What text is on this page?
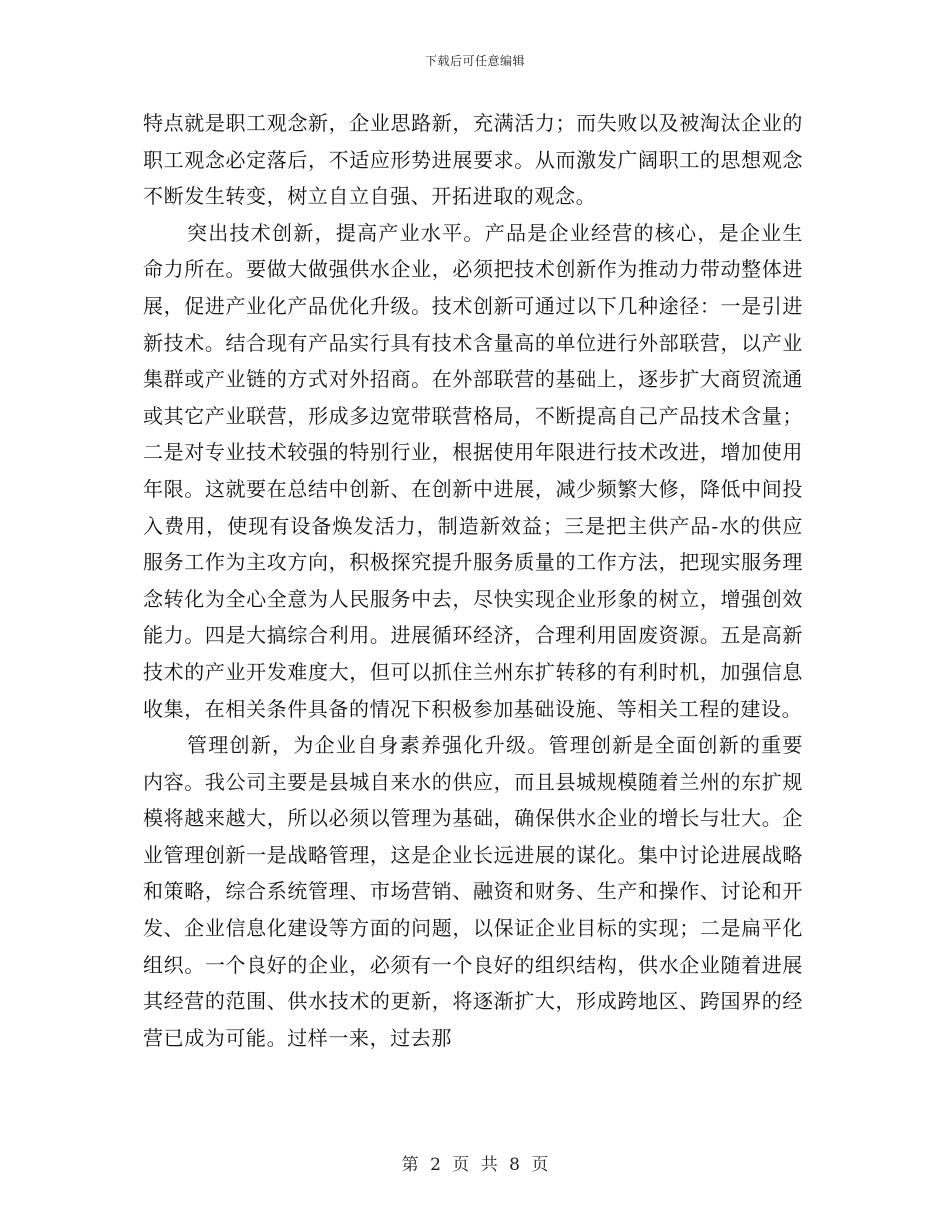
下载后可任意编辑

特点就是职工观念新，企业思路新，充满活力；而失败以及被淘汰企业的职工观念必定落后，不适应形势进展要求。从而激发广阔职工的思想观念不断发生转变，树立自立自强、开拓进取的观念。

突出技术创新，提高产业水平。产品是企业经营的核心，是企业生命力所在。要做大做强供水企业，必须把技术创新作为推动力带动整体进展，促进产业化产品优化升级。技术创新可通过以下几种途径：一是引进新技术。结合现有产品实行具有技术含量高的单位进行外部联营，以产业集群或产业链的方式对外招商。在外部联营的基础上，逐步扩大商贸流通或其它产业联营，形成多边宽带联营格局，不断提高自己产品技术含量；二是对专业技术较强的特别行业，根据使用年限进行技术改进，增加使用年限。这就要在总结中创新、在创新中进展，减少频繁大修，降低中间投入费用，使现有设备焕发活力，制造新效益；三是把主供产品-水的供应服务工作为主攻方向，积极探究提升服务质量的工作方法，把现实服务理念转化为全心全意为人民服务中去，尽快实现企业形象的树立，增强创效能力。四是大搞综合利用。进展循环经济，合理利用固废资源。五是高新技术的产业开发难度大，但可以抓住兰州东扩转移的有利时机，加强信息收集，在相关条件具备的情况下积极参加基础设施、等相关工程的建设。

管理创新，为企业自身素养强化升级。管理创新是全面创新的重要内容。我公司主要是县城自来水的供应，而且县城规模随着兰州的东扩规模将越来越大，所以必须以管理为基础，确保供水企业的增长与壮大。企业管理创新一是战略管理，这是企业长远进展的谋化。集中讨论进展战略和策略，综合系统管理、市场营销、融资和财务、生产和操作、讨论和开发、企业信息化建设等方面的问题，以保证企业目标的实现；二是扁平化组织。一个良好的企业，必须有一个良好的组织结构，供水企业随着进展其经营的范围、供水技术的更新，将逐渐扩大，形成跨地区、跨国界的经营已成为可能。过样一来，过去那

第 2 页 共 8 页
